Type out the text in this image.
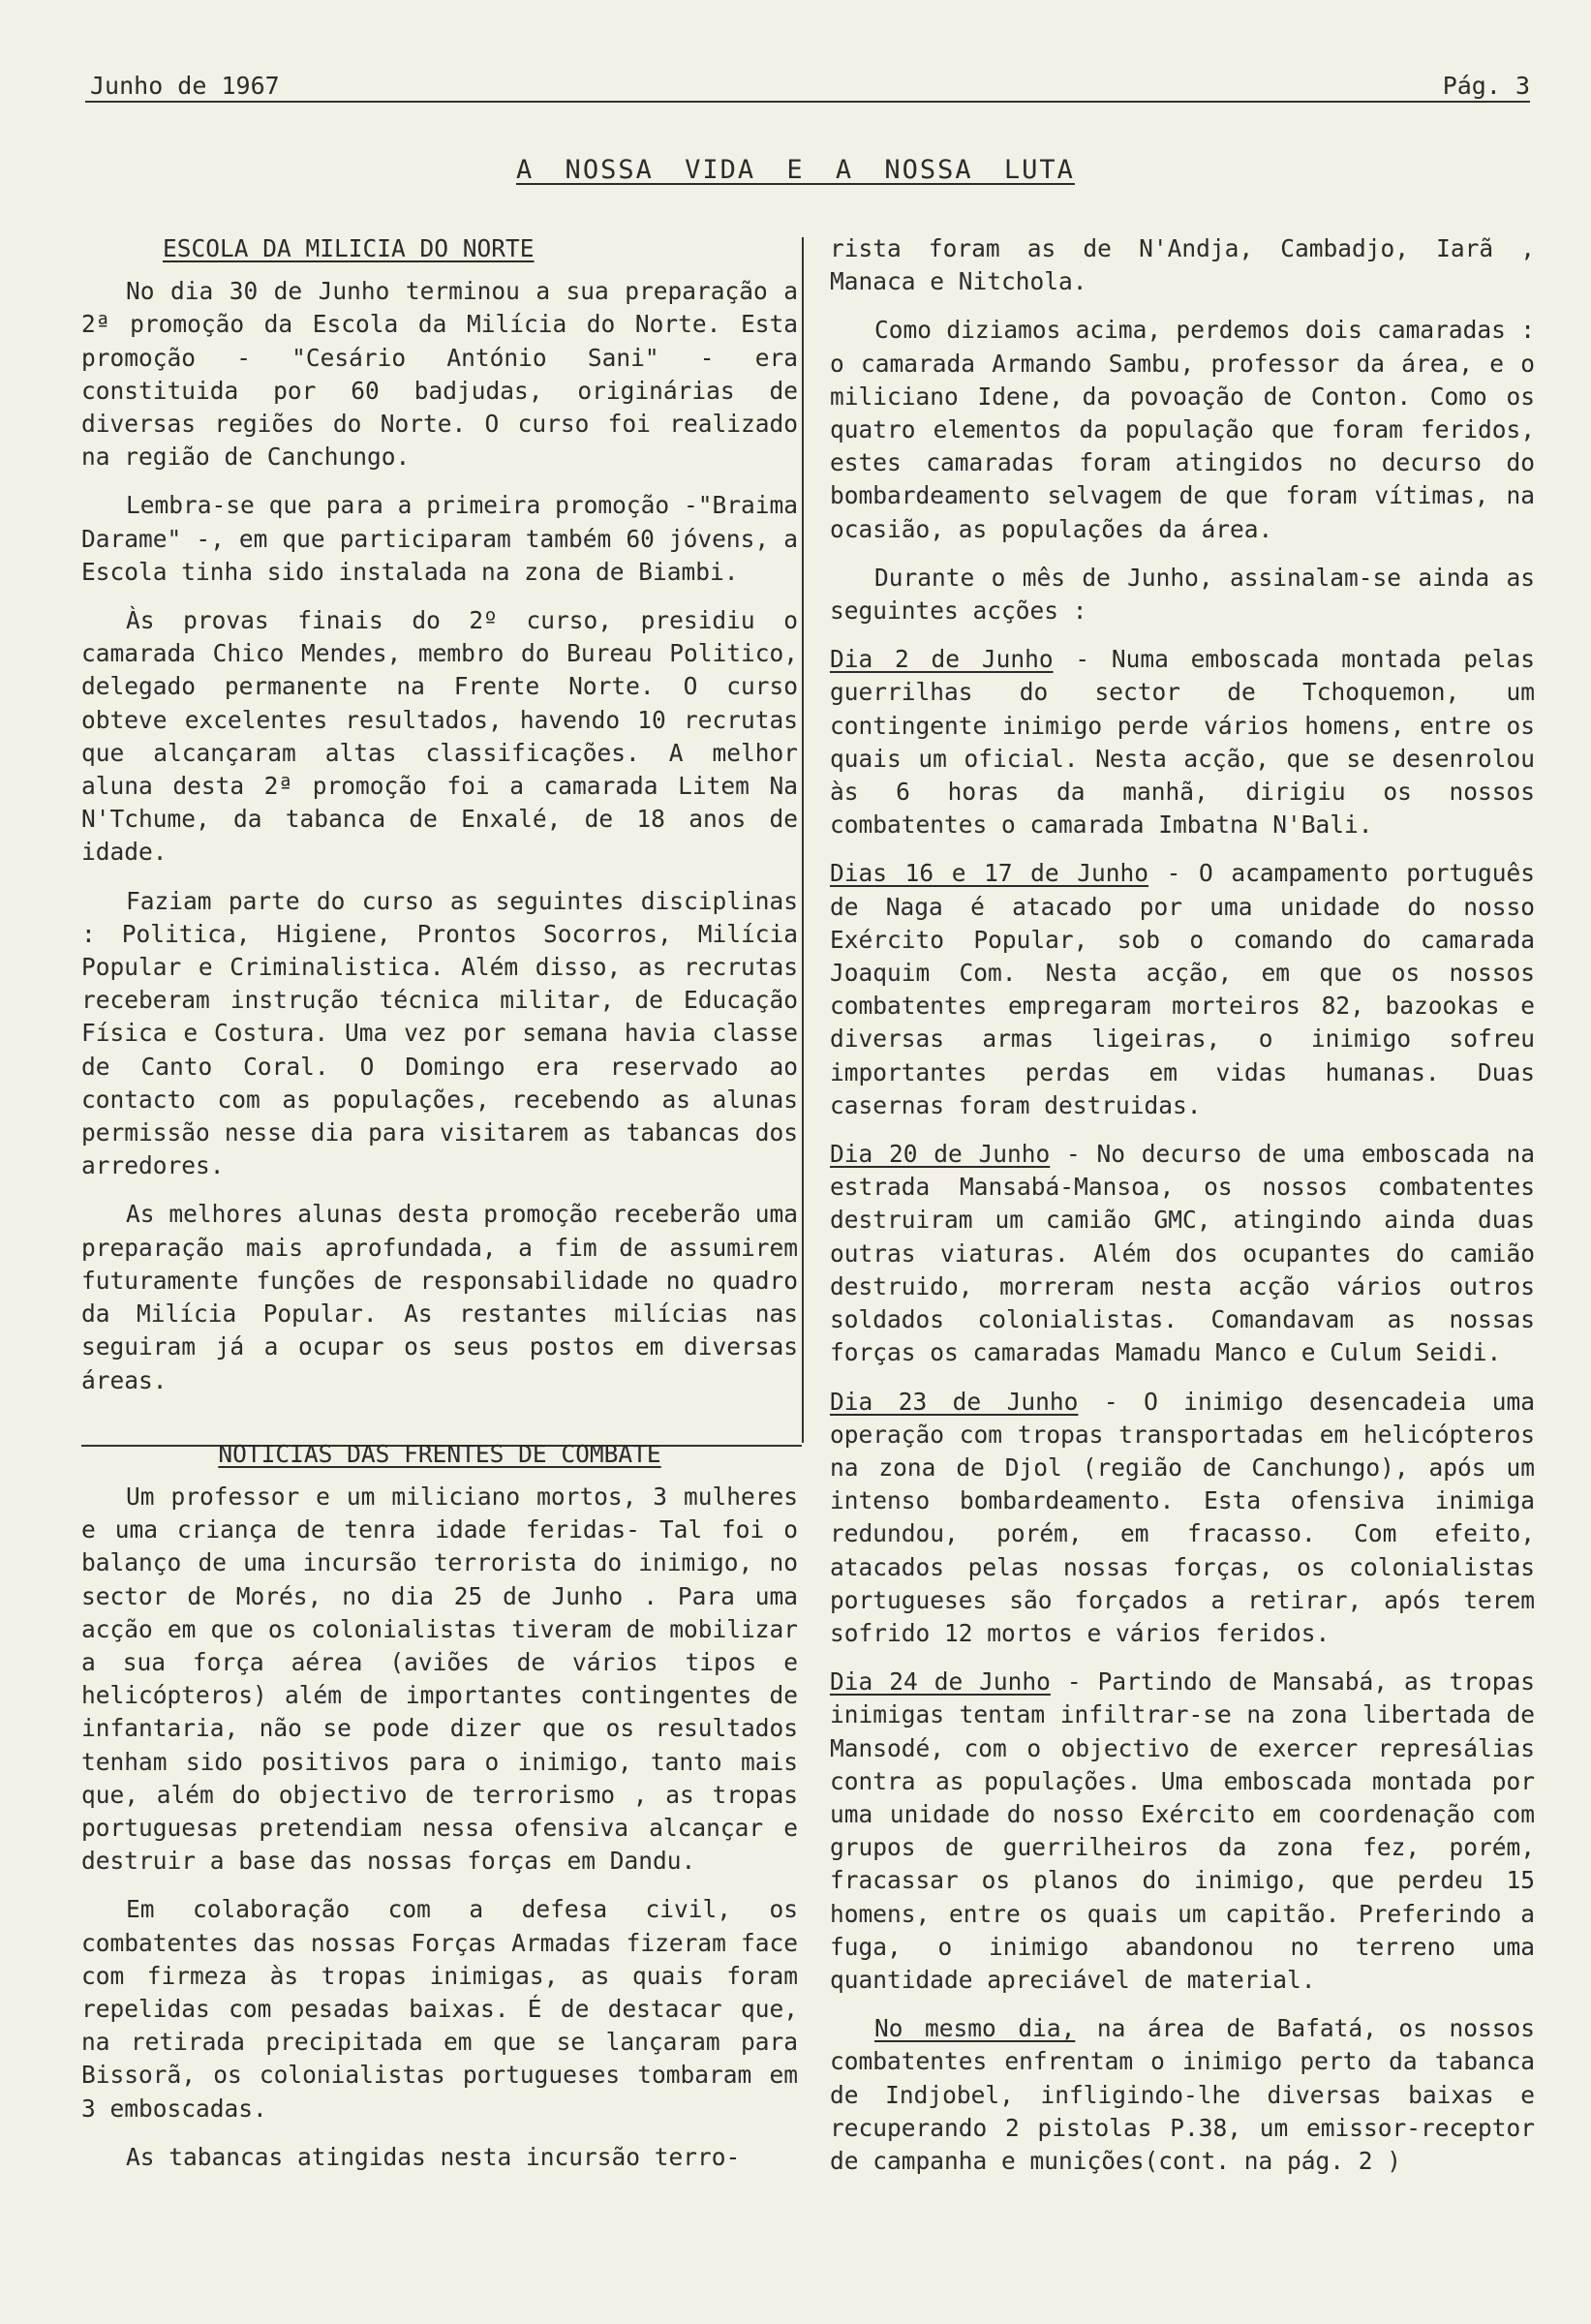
Junho de 1967	Pág. 3
A NOSSA VIDA E A NOSSA LUTA
ESCOLA DA MILICIA DO NORTE

No dia 30 de Junho terminou a sua preparação a 2ª promoção da Escola da Milícia do Norte. Esta promoção - "Cesário António Sani" - era constituida por 60 badjudas, originárias de diversas regiões do Norte. O curso foi realizado na região de Canchungo.

Lembra-se que para a primeira promoção -"Braima Darame" -, em que participaram também 60 jóvens, a Escola tinha sido instalada na zona de Biambi.

Às provas finais do 2º curso, presidiu o camarada Chico Mendes, membro do Bureau Politico, delegado permanente na Frente Norte. O curso obteve excelentes resultados, havendo 10 recrutas que alcançaram altas classificações. A melhor aluna desta 2ª promoção foi a camarada Litem Na N'Tchume, da tabanca de Enxalé, de 18 anos de idade.

Faziam parte do curso as seguintes disciplinas : Politica, Higiene, Prontos Socorros, Milícia Popular e Criminalistica. Além disso, as recrutas receberam instrução técnica militar, de Educação Física e Costura. Uma vez por semana havia classe de Canto Coral. O Domingo era reservado ao contacto com as populações, recebendo as alunas permissão nesse dia para visitarem as tabancas dos arredores.

As melhores alunas desta promoção receberão uma preparação mais aprofundada, a fim de assumirem futuramente funções de responsabilidade no quadro da Milícia Popular. As restantes milícias nas seguiram já a ocupar os seus postos em diversas áreas.

NOTICIAS DAS FRENTES DE COMBATE

Um professor e um miliciano mortos, 3 mulheres e uma criança de tenra idade feridas- Tal foi o balanço de uma incursão terrorista do inimigo, no sector de Morés, no dia 25 de Junho . Para uma acção em que os colonialistas tiveram de mobilizar a sua força aérea (aviões de vários tipos e helicópteros) além de importantes contingentes de infantaria, não se pode dizer que os resultados tenham sido positivos para o inimigo, tanto mais que, além do objectivo de terrorismo , as tropas portuguesas pretendiam nessa ofensiva alcançar e destruir a base das nossas forças em Dandu.

Em colaboração com a defesa civil, os combatentes das nossas Forças Armadas fizeram face com firmeza às tropas inimigas, as quais foram repelidas com pesadas baixas. É de destacar que, na retirada precipitada em que se lançaram para Bissorã, os colonialistas portugueses tombaram em 3 emboscadas.

As tabancas atingidas nesta incursão terro-

rista foram as de N'Andja, Cambadjo, Iarã , Manaca e Nitchola.

Como diziamos acima, perdemos dois camaradas : o camarada Armando Sambu, professor da área, e o miliciano Idene, da povoação de Conton. Como os quatro elementos da população que foram feridos, estes camaradas foram atingidos no decurso do bombardeamento selvagem de que foram vítimas, na ocasião, as populações da área.

Durante o mês de Junho, assinalam-se ainda as seguintes acções :

Dia 2 de Junho - Numa emboscada montada pelas guerrilhas do sector de Tchoquemon, um contingente inimigo perde vários homens, entre os quais um oficial. Nesta acção, que se desenrolou às 6 horas da manhã, dirigiu os nossos combatentes o camarada Imbatna N'Bali.

Dias 16 e 17 de Junho - O acampamento português de Naga é atacado por uma unidade do nosso Exército Popular, sob o comando do camarada Joaquim Com. Nesta acção, em que os nossos combatentes empregaram morteiros 82, bazookas e diversas armas ligeiras, o inimigo sofreu importantes perdas em vidas humanas. Duas casernas foram destruidas.

Dia 20 de Junho - No decurso de uma emboscada na estrada Mansabá-Mansoa, os nossos combatentes destruiram um camião GMC, atingindo ainda duas outras viaturas. Além dos ocupantes do camião destruido, morreram nesta acção vários outros soldados colonialistas. Comandavam as nossas forças os camaradas Mamadu Manco e Culum Seidi.

Dia 23 de Junho - O inimigo desencadeia uma operação com tropas transportadas em helicópteros na zona de Djol (região de Canchungo), após um intenso bombardeamento. Esta ofensiva inimiga redundou, porém, em fracasso. Com efeito, atacados pelas nossas forças, os colonialistas portugueses são forçados a retirar, após terem sofrido 12 mortos e vários feridos.

Dia 24 de Junho - Partindo de Mansabá, as tropas inimigas tentam infiltrar-se na zona libertada de Mansodé, com o objectivo de exercer represálias contra as populações. Uma emboscada montada por uma unidade do nosso Exército em coordenação com grupos de guerrilheiros da zona fez, porém, fracassar os planos do inimigo, que perdeu 15 homens, entre os quais um capitão. Preferindo a fuga, o inimigo abandonou no terreno uma quantidade apreciável de material.

No mesmo dia, na área de Bafatá, os nossos combatentes enfrentam o inimigo perto da tabanca de Indjobel, infligindo-lhe diversas baixas e recuperando 2 pistolas P.38, um emissor-receptor de campanha e munições(cont. na pág. 2 )
